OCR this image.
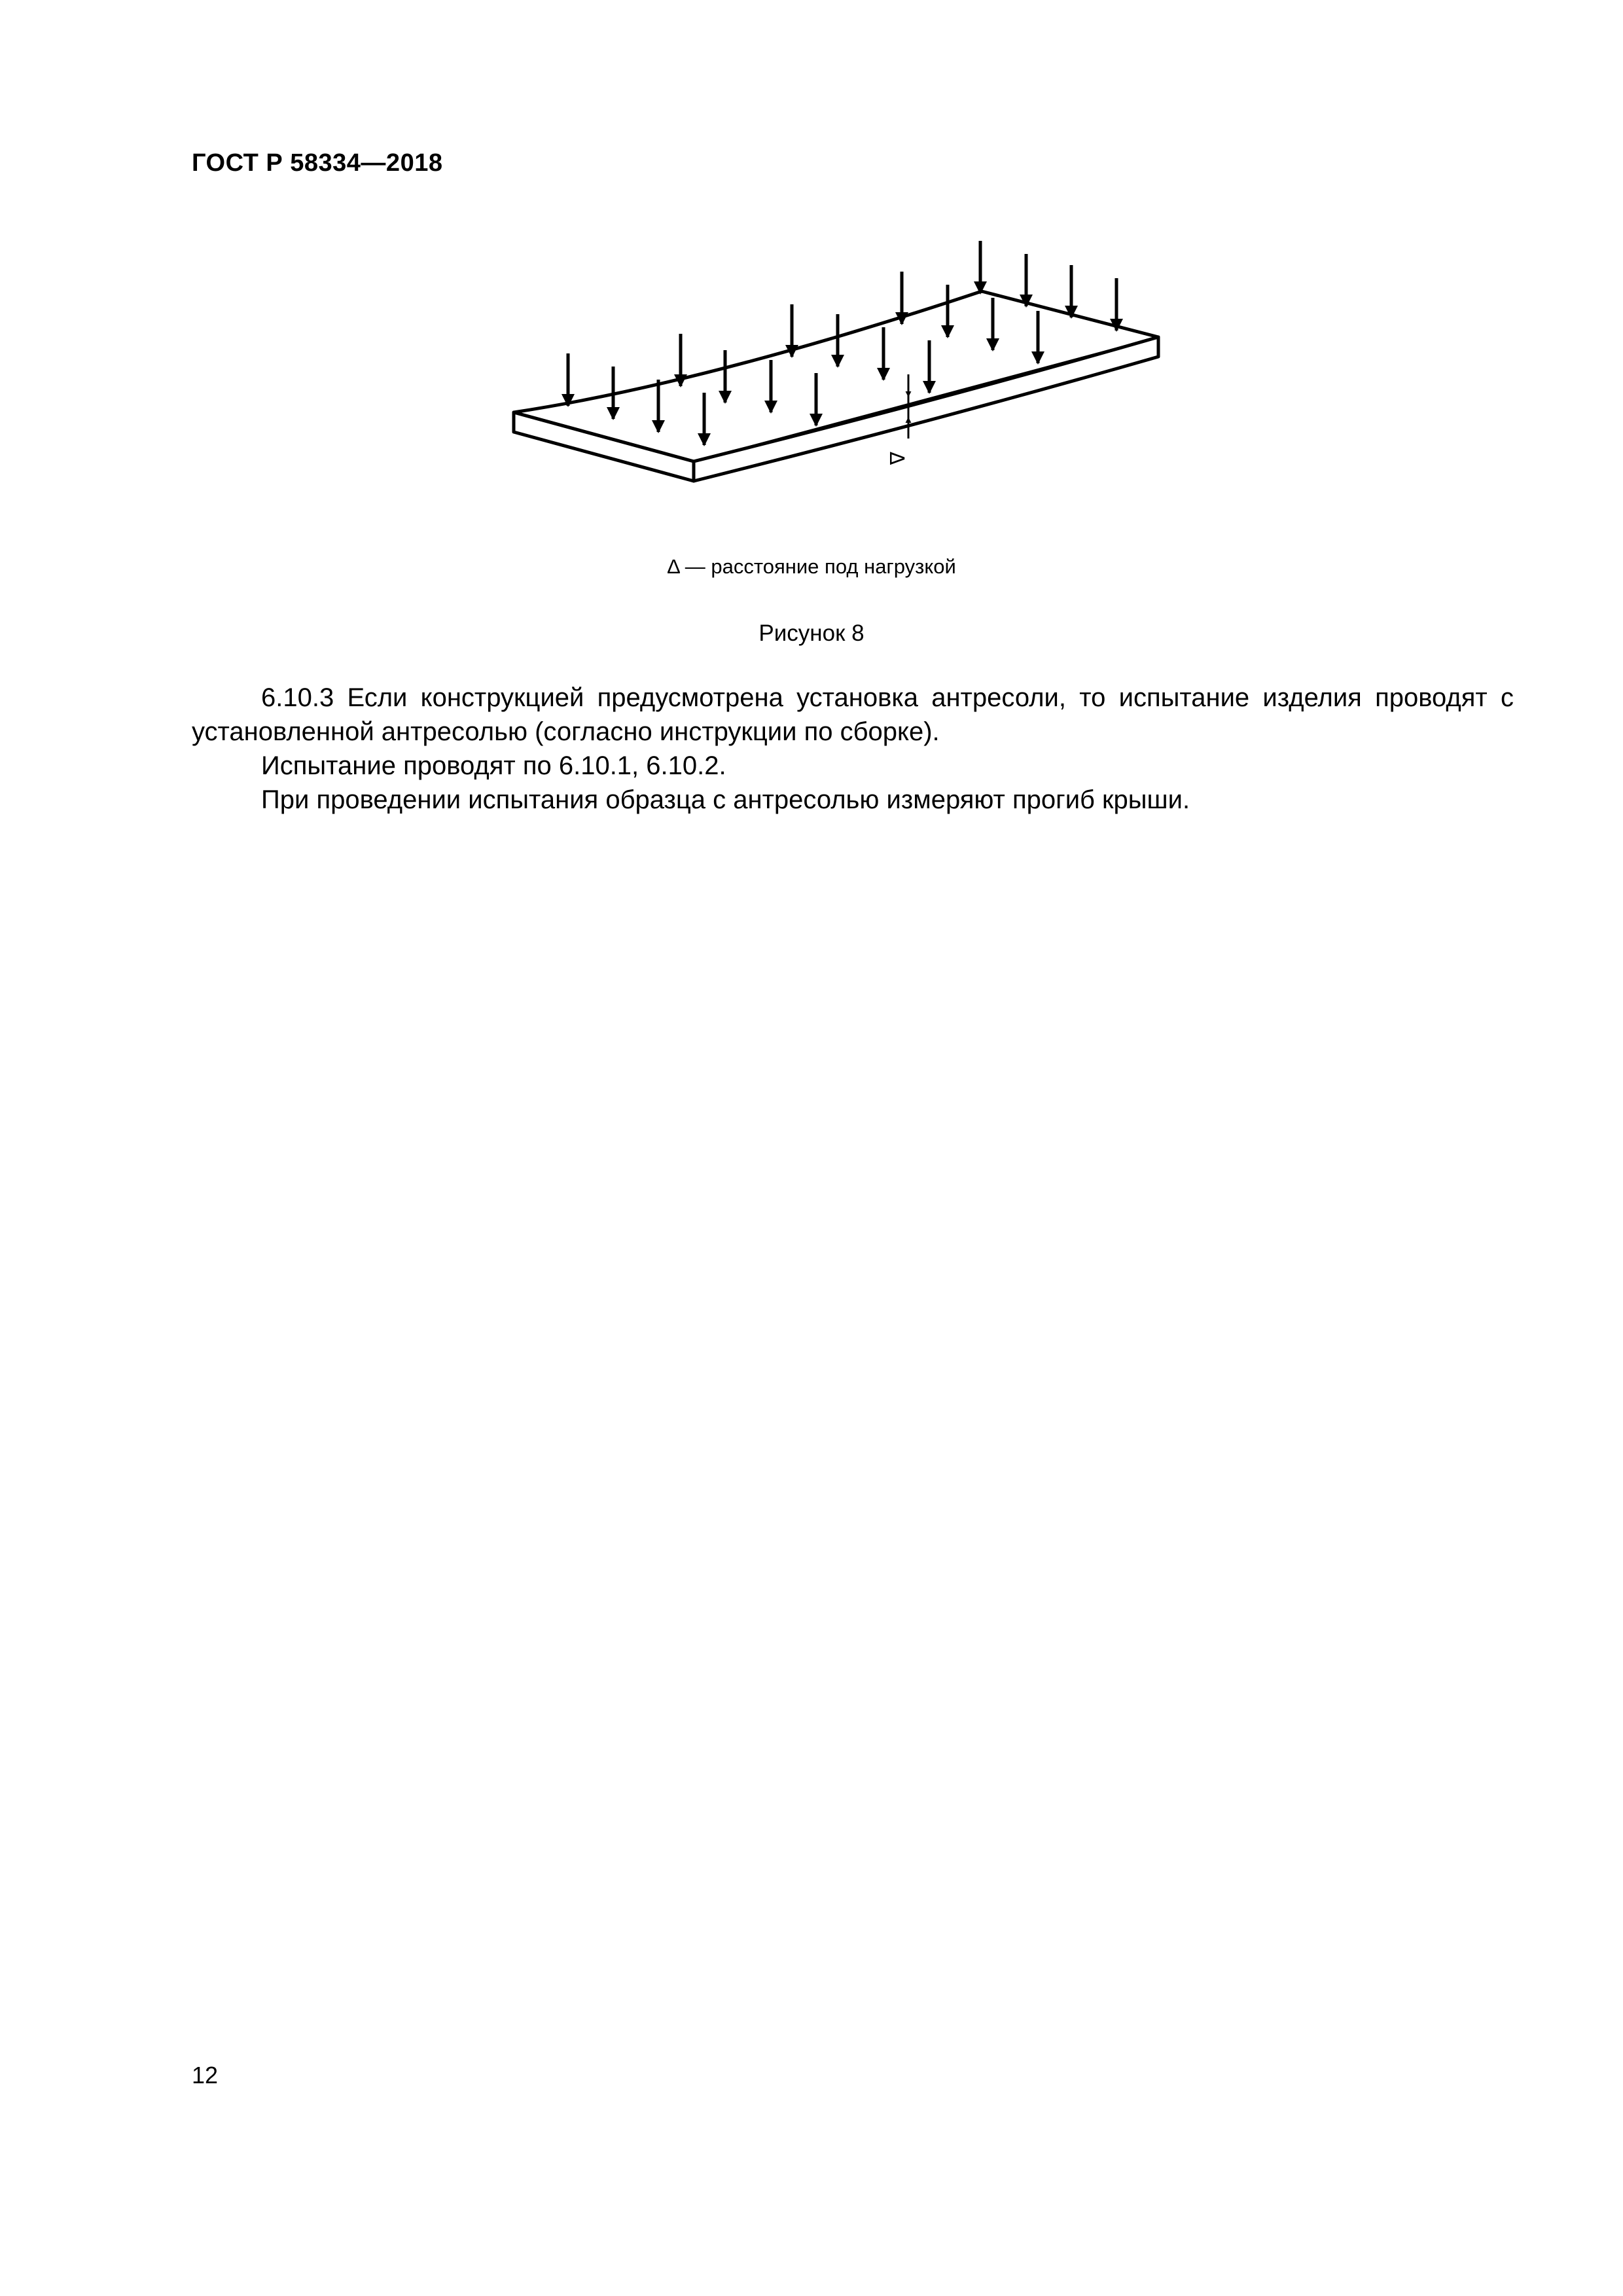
ГОСТ Р 58334—2018
Δ
Δ — расстояние под нагрузкой
Рисунок 8

6.10.3 Если конструкцией предусмотрена установка антресоли, то испытание изделия проводят с установленной антресолью (согласно инструкции по сборке).

Испытание проводят по 6.10.1, 6.10.2.

При проведении испытания образца с антресолью измеряют прогиб крыши.

12
